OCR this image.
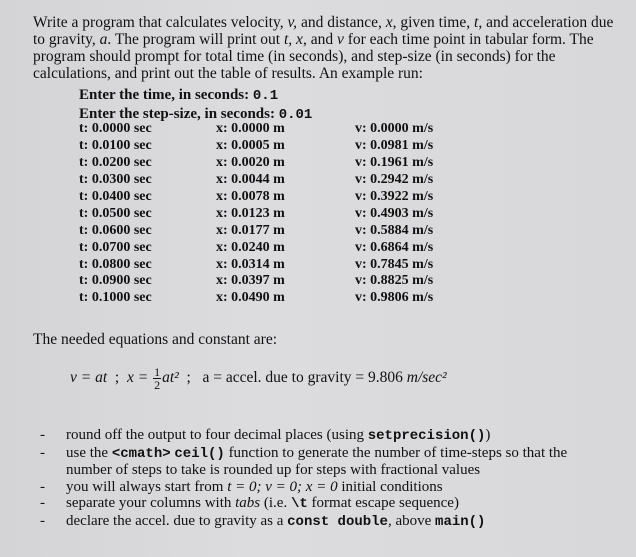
Write a program that calculates velocity, v, and distance, x, given time, t, and acceleration due to gravity, a. The program will print out t, x, and v for each time point in tabular form. The program should prompt for total time (in seconds), and step-size (in seconds) for the calculations, and print out the table of results. An example run:

Enter the time, in seconds: 0.1
Enter the step-size, in seconds: 0.01
t: 0.0000 sec	x: 0.0000 m	v: 0.0000 m/s
t: 0.0100 sec	x: 0.0005 m	v: 0.0981 m/s
t: 0.0200 sec	x: 0.0020 m	v: 0.1961 m/s
t: 0.0300 sec	x: 0.0044 m	v: 0.2942 m/s
t: 0.0400 sec	x: 0.0078 m	v: 0.3922 m/s
t: 0.0500 sec	x: 0.0123 m	v: 0.4903 m/s
t: 0.0600 sec	x: 0.0177 m	v: 0.5884 m/s
t: 0.0700 sec	x: 0.0240 m	v: 0.6864 m/s
t: 0.0800 sec	x: 0.0314 m	v: 0.7845 m/s
t: 0.0900 sec	x: 0.0397 m	v: 0.8825 m/s
t: 0.1000 sec	x: 0.0490 m	v: 0.9806 m/s

The needed equations and constant are:

v = at ; $x = \frac{1}{2} at^2$ ; a = accel. due to gravity = 9.806 m/sec²
- round off the output to four decimal places (using setprecision())
- use the <cmath> ceil() function to generate the number of time-steps so that the number of steps to take is rounded up for steps with fractional values
- you will always start from t = 0; v = 0; x = 0 initial conditions
- separate your columns with tabs (i.e. \t format escape sequence)
- declare the accel. due to gravity as a const double, above main()
